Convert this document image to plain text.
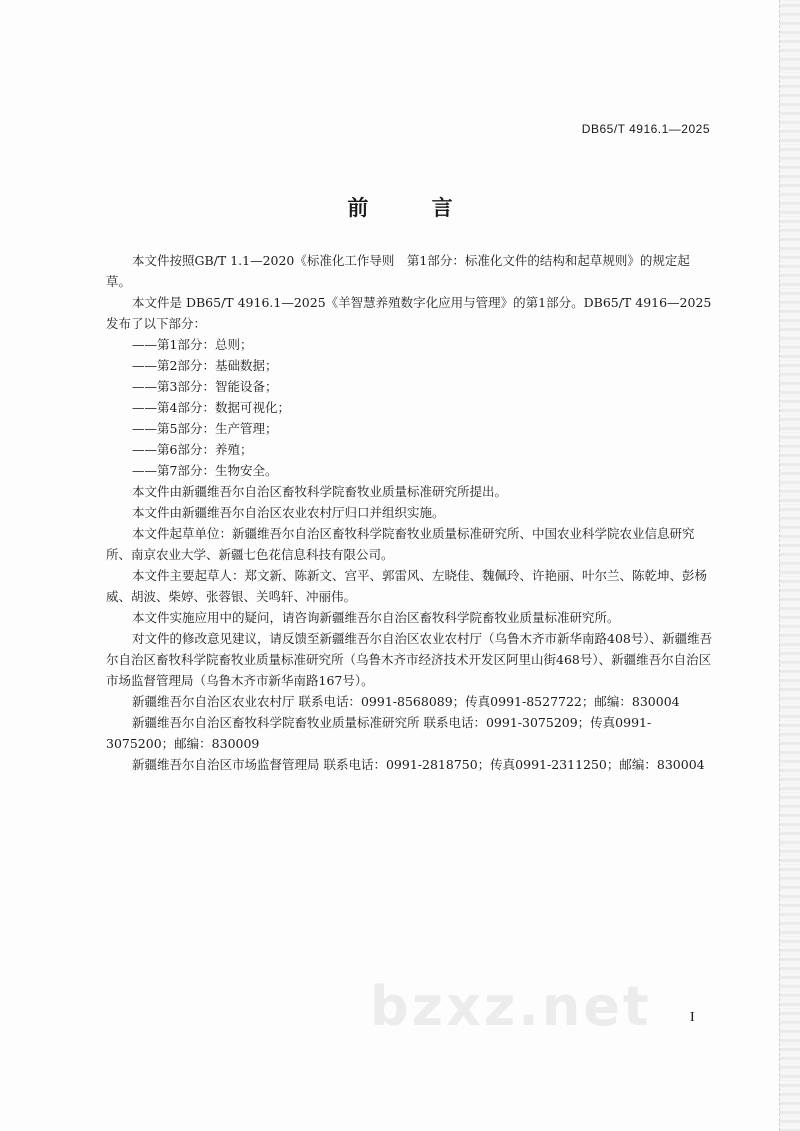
DB65/T 4916.1—2025
前 言

本文件按照GB/T 1.1—2020《标准化工作导则　第1部分：标准化文件的结构和起草规则》的规定起草。

本文件是 DB65/T 4916.1—2025《羊智慧养殖数字化应用与管理》的第1部分。DB65/T 4916—2025发布了以下部分：

——第1部分：总则；

——第2部分：基础数据；

——第3部分：智能设备；

——第4部分：数据可视化；

——第5部分：生产管理；

——第6部分：养殖；

——第7部分：生物安全。

本文件由新疆维吾尔自治区畜牧科学院畜牧业质量标准研究所提出。

本文件由新疆维吾尔自治区农业农村厅归口并组织实施。

本文件起草单位：新疆维吾尔自治区畜牧科学院畜牧业质量标准研究所、中国农业科学院农业信息研究所、南京农业大学、新疆七色花信息科技有限公司。

本文件主要起草人：郑文新、陈新文、宫平、郭雷风、左晓佳、魏佩玲、许艳丽、叶尔兰、陈乾坤、彭杨威、胡波、柴婷、张蓉银、关鸣轩、冲丽伟。

本文件实施应用中的疑问，请咨询新疆维吾尔自治区畜牧科学院畜牧业质量标准研究所。

对文件的修改意见建议，请反馈至新疆维吾尔自治区农业农村厅（乌鲁木齐市新华南路408号）、新疆维吾尔自治区畜牧科学院畜牧业质量标准研究所（乌鲁木齐市经济技术开发区阿里山街468号）、新疆维吾尔自治区市场监督管理局（乌鲁木齐市新华南路167号）。

新疆维吾尔自治区农业农村厅 联系电话：0991-8568089；传真0991-8527722；邮编：830004

新疆维吾尔自治区畜牧科学院畜牧业质量标准研究所 联系电话：0991-3075209；传真0991-3075200；邮编：830009

新疆维吾尔自治区市场监督管理局 联系电话：0991-2818750；传真0991-2311250；邮编：830004

bzxz.net	I
